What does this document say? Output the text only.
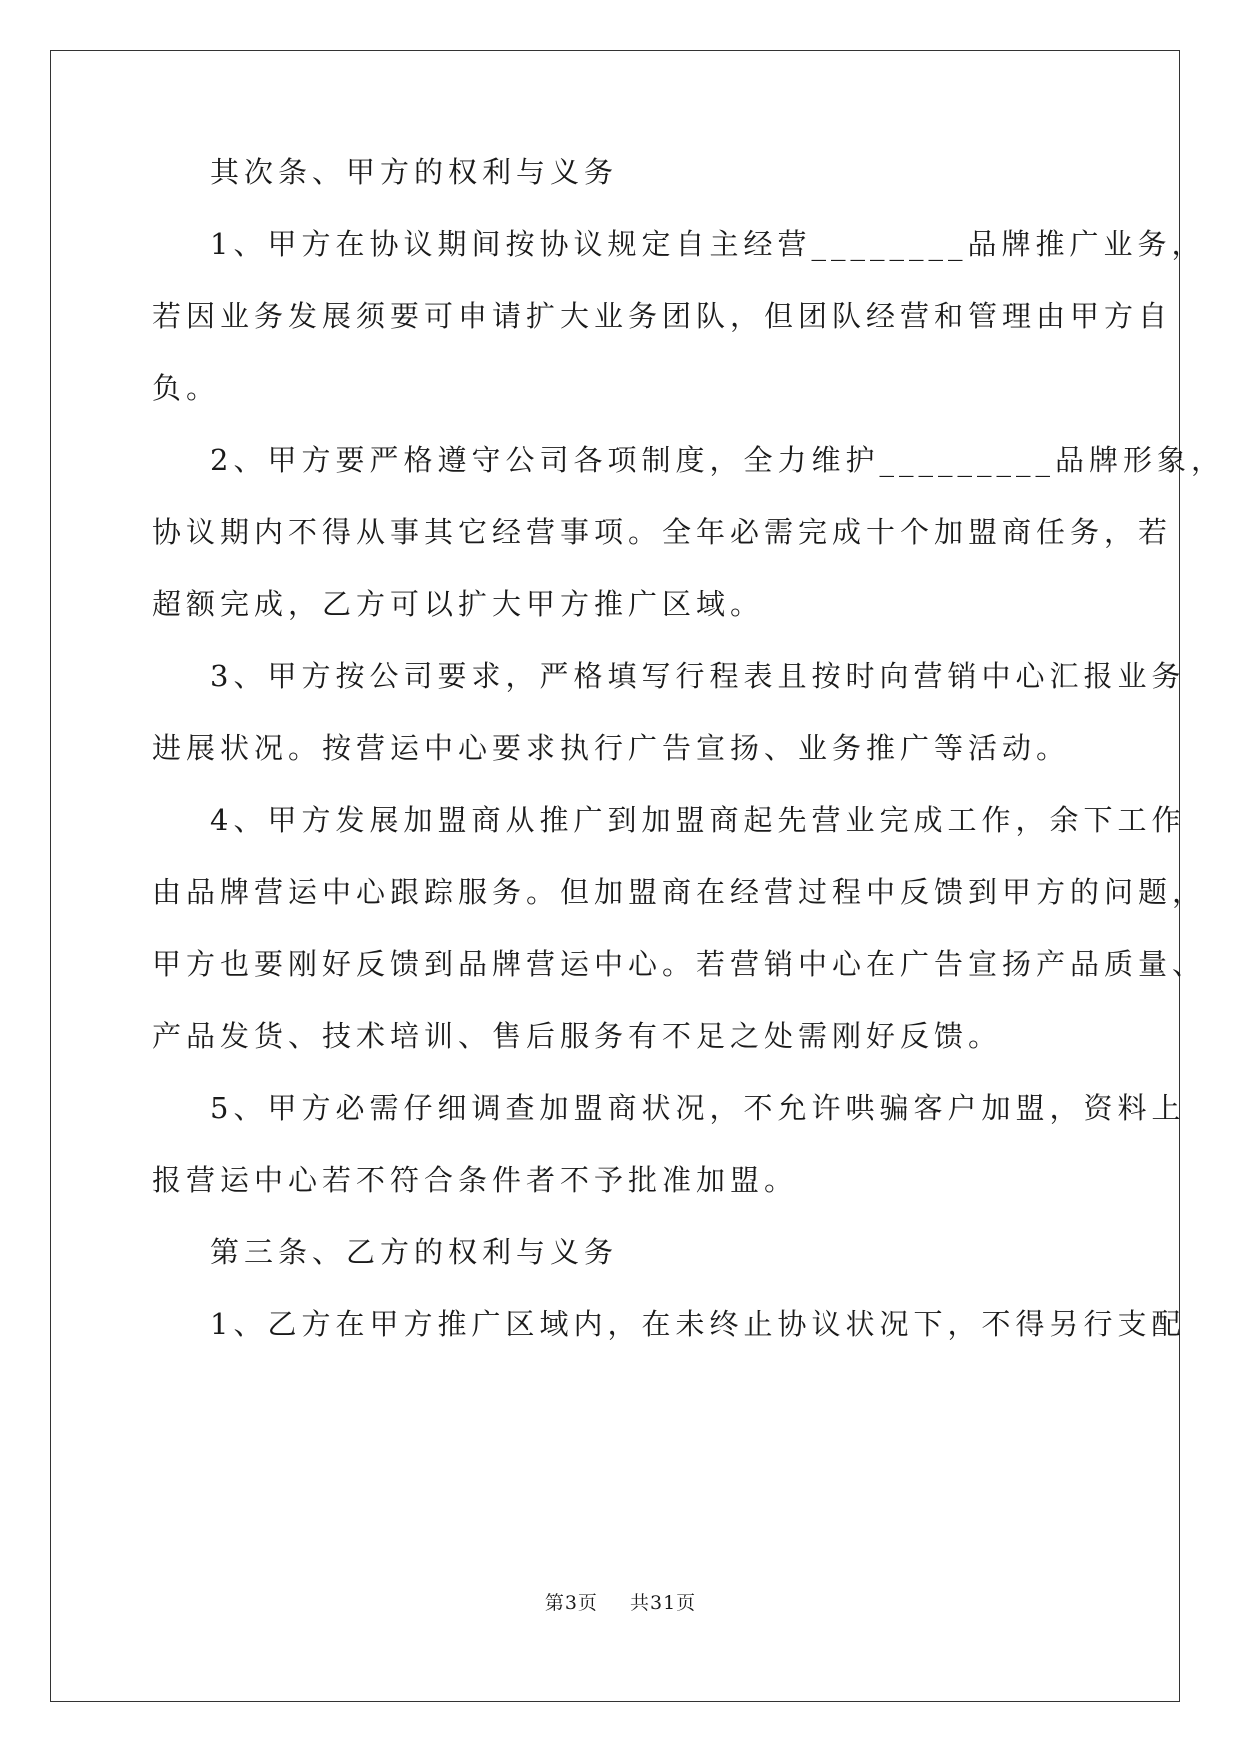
其次条、甲方的权利与义务
1、甲方在协议期间按协议规定自主经营________品牌推广业务，
若因业务发展须要可申请扩大业务团队，但团队经营和管理由甲方自
负。
2、甲方要严格遵守公司各项制度，全力维护_________品牌形象，
协议期内不得从事其它经营事项。全年必需完成十个加盟商任务，若
超额完成，乙方可以扩大甲方推广区域。
3、甲方按公司要求，严格填写行程表且按时向营销中心汇报业务
进展状况。按营运中心要求执行广告宣扬、业务推广等活动。
4、甲方发展加盟商从推广到加盟商起先营业完成工作，余下工作
由品牌营运中心跟踪服务。但加盟商在经营过程中反馈到甲方的问题，
甲方也要刚好反馈到品牌营运中心。若营销中心在广告宣扬产品质量、
产品发货、技术培训、售后服务有不足之处需刚好反馈。
5、甲方必需仔细调查加盟商状况，不允许哄骗客户加盟，资料上
报营运中心若不符合条件者不予批准加盟。
第三条、乙方的权利与义务
1、乙方在甲方推广区域内，在未终止协议状况下，不得另行支配
第3页 共31页
